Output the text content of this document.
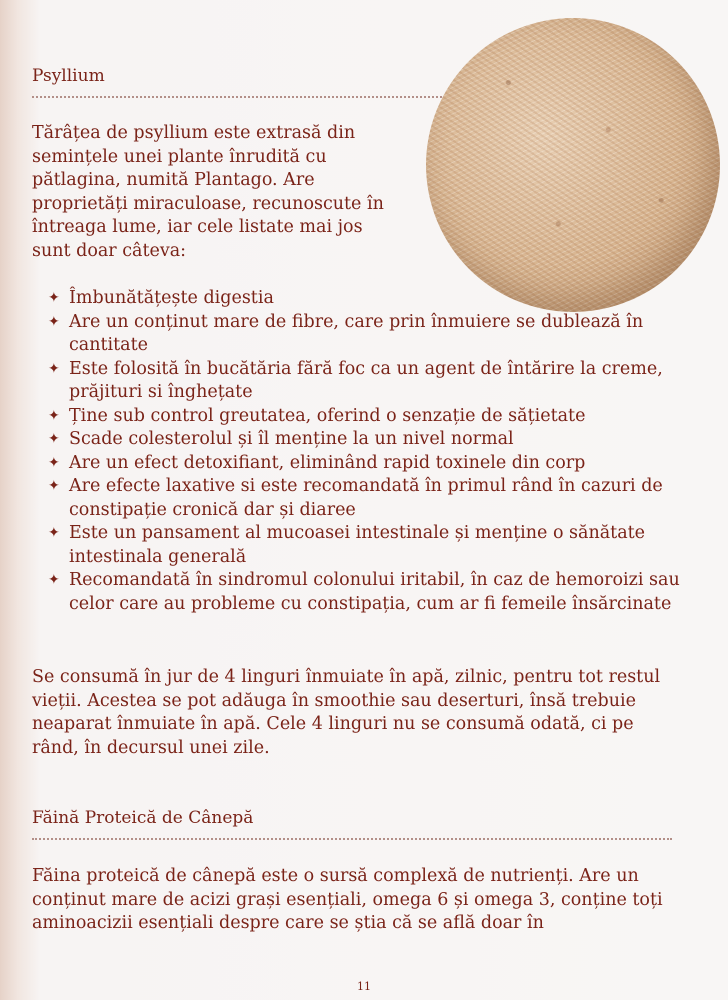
Psyllium

Tărâțea de psyllium este extrasă din semințele unei plante înrudită cu pătlagina, numită Plantago. Are proprietăți miraculoase, recunoscute în întreaga lume, iar cele listate mai jos sunt doar câteva:

✦ Îmbunătățește digestia
✦ Are un conținut mare de fibre, care prin înmuiere se dublează în cantitate
✦ Este folosită în bucătăria fără foc ca un agent de întărire la creme, prăjituri si înghețate
✦ Ține sub control greutatea, oferind o senzație de sățietate
✦ Scade colesterolul și îl menține la un nivel normal
✦ Are un efect detoxifiant, eliminând rapid toxinele din corp
✦ Are efecte laxative si este recomandată în primul rând în cazuri de constipație cronică dar și diaree
✦ Este un pansament al mucoasei intestinale și menține o sănătate intestinala generală
✦ Recomandată în sindromul colonului iritabil, în caz de hemoroizi sau celor care au probleme cu constipația, cum ar fi femeile însărcinate

Se consumă în jur de 4 linguri înmuiate în apă, zilnic, pentru tot restul vieții. Acestea se pot adăuga în smoothie sau deserturi, însă trebuie neaparat înmuiate în apă. Cele 4 linguri nu se consumă odată, ci pe rând, în decursul unei zile.

Făină Proteică de Cânepă

Făina proteică de cânepă este o sursă complexă de nutrienți. Are un conținut mare de acizi grași esențiali, omega 6 și omega 3, conține toți aminoacizii esențiali despre care se știa că se află doar în

11
